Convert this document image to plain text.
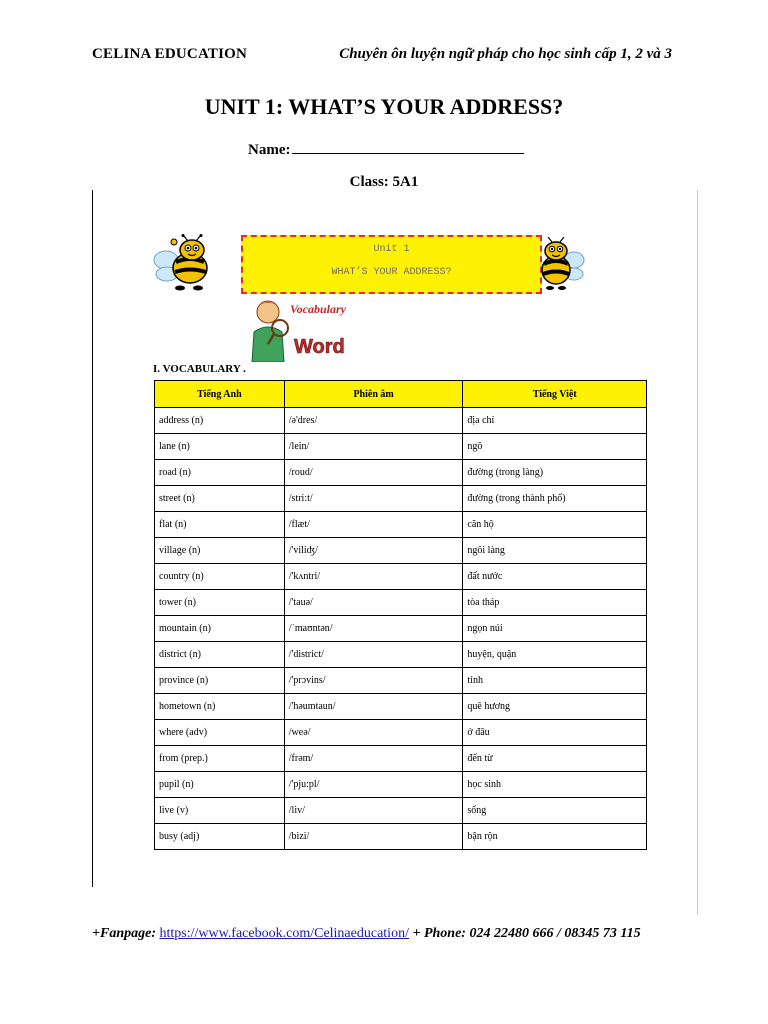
CELINA EDUCATION	Chuyên ôn luyện ngữ pháp cho học sinh cấp 1, 2 và 3
UNIT 1: WHAT’S YOUR ADDRESS?
Name:
Class: 5A1
Unit 1
WHAT’S YOUR ADDRESS?
Vocabulary
Word
I. VOCABULARY .
Tiếng Anh	Phiên âm	Tiếng Việt
address (n)	/ə'dres/	địa chỉ
lane (n)	/lein/	ngõ
road (n)	/roud/	đường (trong làng)
street (n)	/stri:t/	đường (trong thành phố)
flat (n)	/flæt/	căn hộ
village (n)	/'viliʤ/	ngôi làng
country (n)	/'kʌntri/	đất nước
tower (n)	/'tauə/	tòa tháp
mountain (n)	/ˈmaʊntən/	ngọn núi
district (n)	/'district/	huyện, quận
province (n)	/'prɔvins/	tỉnh
hometown (n)	/'həumtaun/	quê hương
where (adv)	/weə/	ở đâu
from (prep.)	/frəm/	đến từ
pupil (n)	/'pju:pl/	học sinh
live (v)	/liv/	sống
busy (adj)	/bizi/	bận rộn
+Fanpage: https://www.facebook.com/Celinaeducation/ + Phone: 024 22480 666 / 08345 73 115
